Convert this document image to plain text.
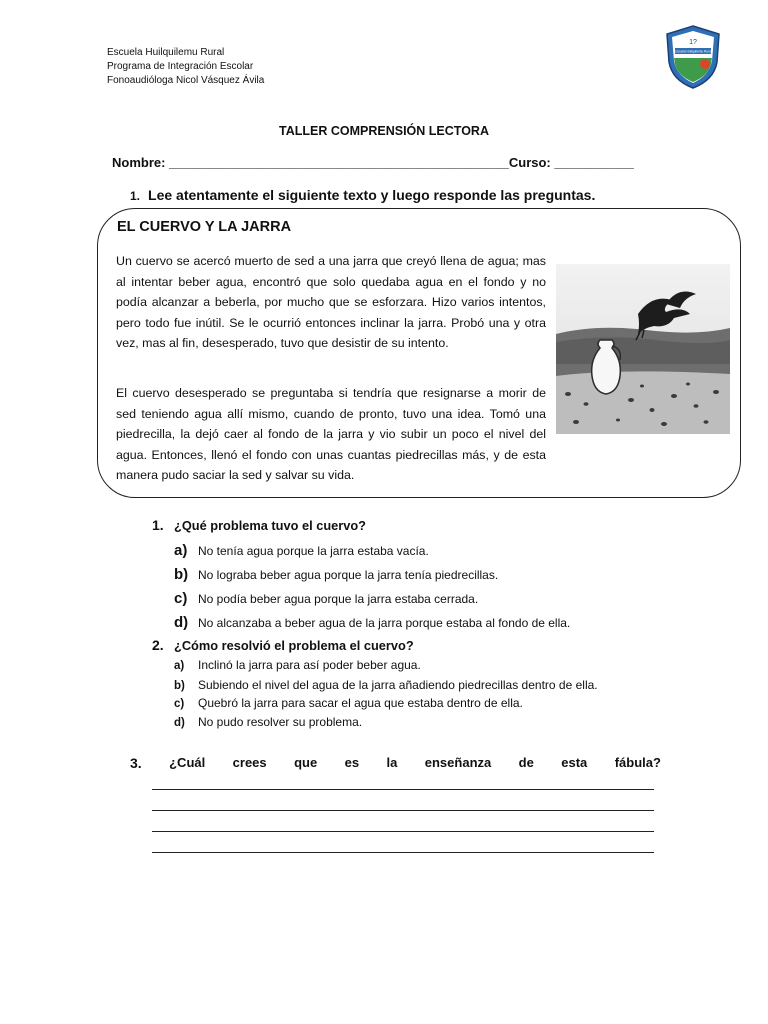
Escuela Huilquilemu Rural
Programa de Integración Escolar
Fonoaudióloga Nicol Vásquez Ávila
1?
Escuela Huilquilemu Rural
TALLER COMPRENSIÓN LECTORA
Nombre: _______________________________________________Curso: ___________
1. Lee atentamente el siguiente texto y luego responde las preguntas.
EL CUERVO Y LA JARRA
Un cuervo se acercó muerto de sed a una jarra que creyó llena de agua; mas al intentar beber agua, encontró que solo quedaba agua en el fondo y no podía alcanzar a beberla, por mucho que se esforzara. Hizo varios intentos, pero todo fue inútil. Se le ocurrió entonces inclinar la jarra. Probó una y otra vez, mas al fin, desesperado, tuvo que desistir de su intento.
El cuervo desesperado se preguntaba si tendría que resignarse a morir de sed teniendo agua allí mismo, cuando de pronto, tuvo una idea. Tomó una piedrecilla, la dejó caer al fondo de la jarra y vio subir un poco el nivel del agua. Entonces, llenó el fondo con unas cuantas piedrecillas más, y de esta manera pudo saciar la sed y salvar su vida.
1. ¿Qué problema tuvo el cuervo?
a) No tenía agua porque la jarra estaba vacía.
b) No lograba beber agua porque la jarra tenía piedrecillas.
c) No podía beber agua porque la jarra estaba cerrada.
d) No alcanzaba a beber agua de la jarra porque estaba al fondo de ella.
2. ¿Cómo resolvió el problema el cuervo?
a) Inclinó la jarra para así poder beber agua.
b) Subiendo el nivel del agua de la jarra añadiendo piedrecillas dentro de ella.
c) Quebró la jarra para sacar el agua que estaba dentro de ella.
d) No pudo resolver su problema.
3. ¿Cuál crees que es la enseñanza de esta fábula?
